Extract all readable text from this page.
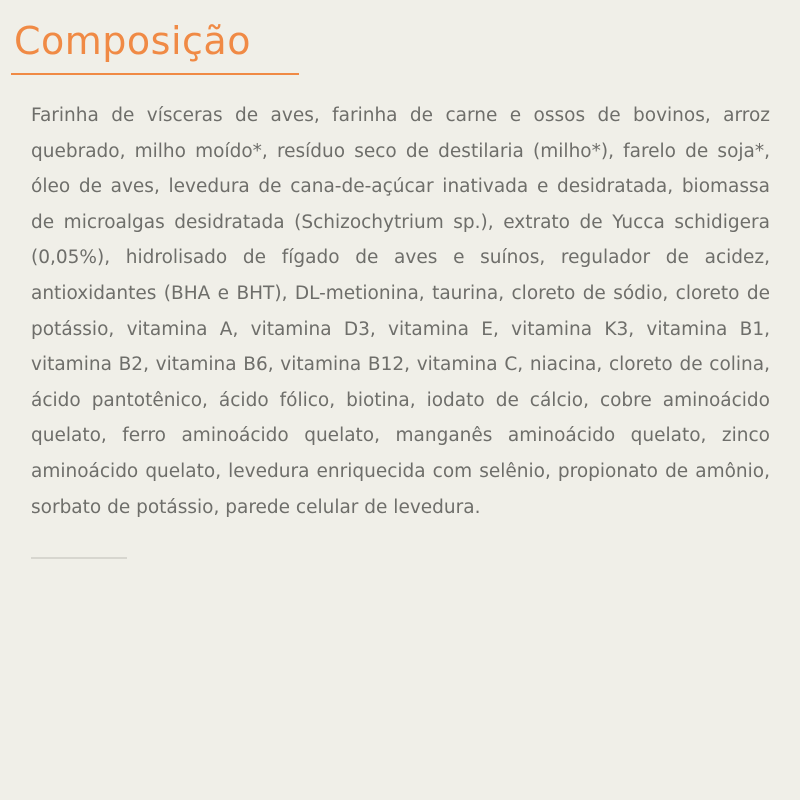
Composição

Farinha de vísceras de aves, farinha de carne e ossos de bovinos, arroz quebrado, milho moído*, resíduo seco de destilaria (milho*), farelo de soja*, óleo de aves, levedura de cana-de-açúcar inativada e desidratada, biomassa de microalgas desidratada (Schizochytrium sp.), extrato de Yucca schidigera (0,05%), hidrolisado de fígado de aves e suínos, regulador de acidez, antioxidantes (BHA e BHT), DL-metionina, taurina, cloreto de sódio, cloreto de potássio, vitamina A, vitamina D3, vitamina E, vitamina K3, vitamina B1, vitamina B2, vitamina B6, vitamina B12, vitamina C, niacina, cloreto de colina, ácido pantotênico, ácido fólico, biotina, iodato de cálcio, cobre aminoácido quelato, ferro aminoácido quelato, manganês aminoácido quelato, zinco aminoácido quelato, levedura enriquecida com selênio, propionato de amônio, sorbato de potássio, parede celular de levedura.
